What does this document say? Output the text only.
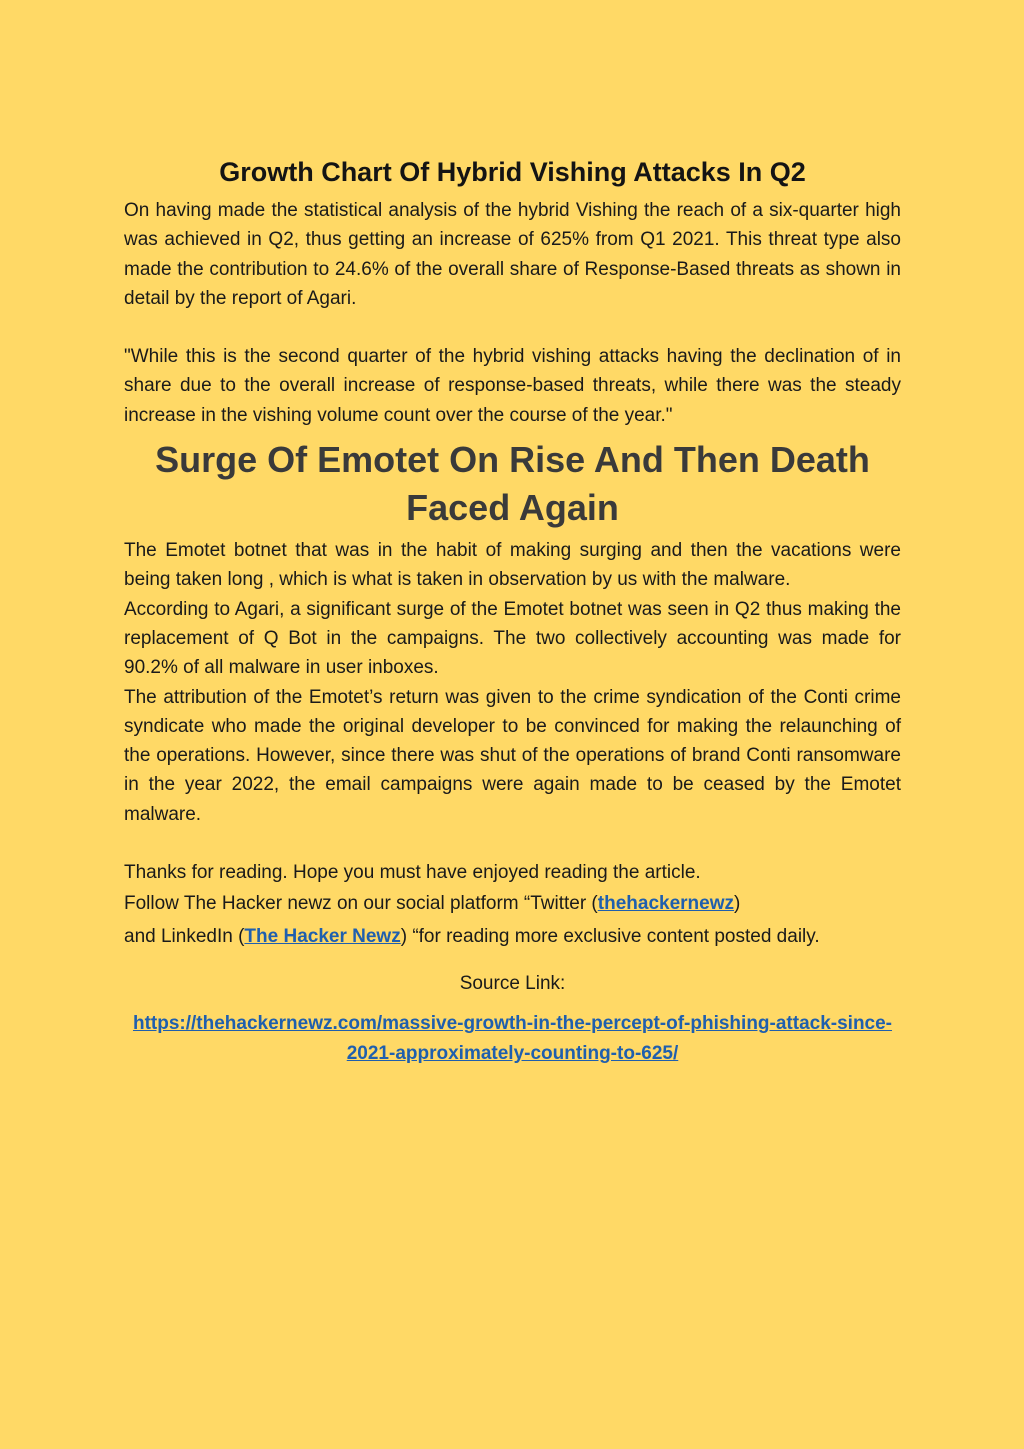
Growth Chart Of Hybrid Vishing Attacks In Q2

On having made the statistical analysis of the hybrid Vishing the reach of a six-quarter high was achieved in Q2, thus getting an increase of 625% from Q1 2021. This threat type also made the contribution to 24.6% of the overall share of Response-Based threats as shown in detail by the report of Agari.

"While this is the second quarter of the hybrid vishing attacks having the declination of in share due to the overall increase of response-based threats, while there was the steady increase in the vishing volume count over the course of the year."

Surge Of Emotet On Rise And Then Death Faced Again

The Emotet botnet that was in the habit of making surging and then the vacations were being taken long , which is what is taken in observation by us with the malware.

According to Agari, a significant surge of the Emotet botnet was seen in Q2 thus making the replacement of Q Bot in the campaigns. The two collectively accounting was made for 90.2% of all malware in user inboxes.

The attribution of the Emotet’s return was given to the crime syndication of the Conti crime syndicate who made the original developer to be convinced for making the relaunching of the operations. However, since there was shut of the operations of brand Conti ransomware in the year 2022, the email campaigns were again made to be ceased by the Emotet malware.

Thanks for reading. Hope you must have enjoyed reading the article.

Follow The Hacker newz on our social platform “Twitter (thehackernewz)
and LinkedIn (The Hacker Newz) “for reading more exclusive content posted daily.

Source Link:

https://thehackernewz.com/massive-growth-in-the-percept-of-phishing-attack-since-2021-approximately-counting-to-625/
